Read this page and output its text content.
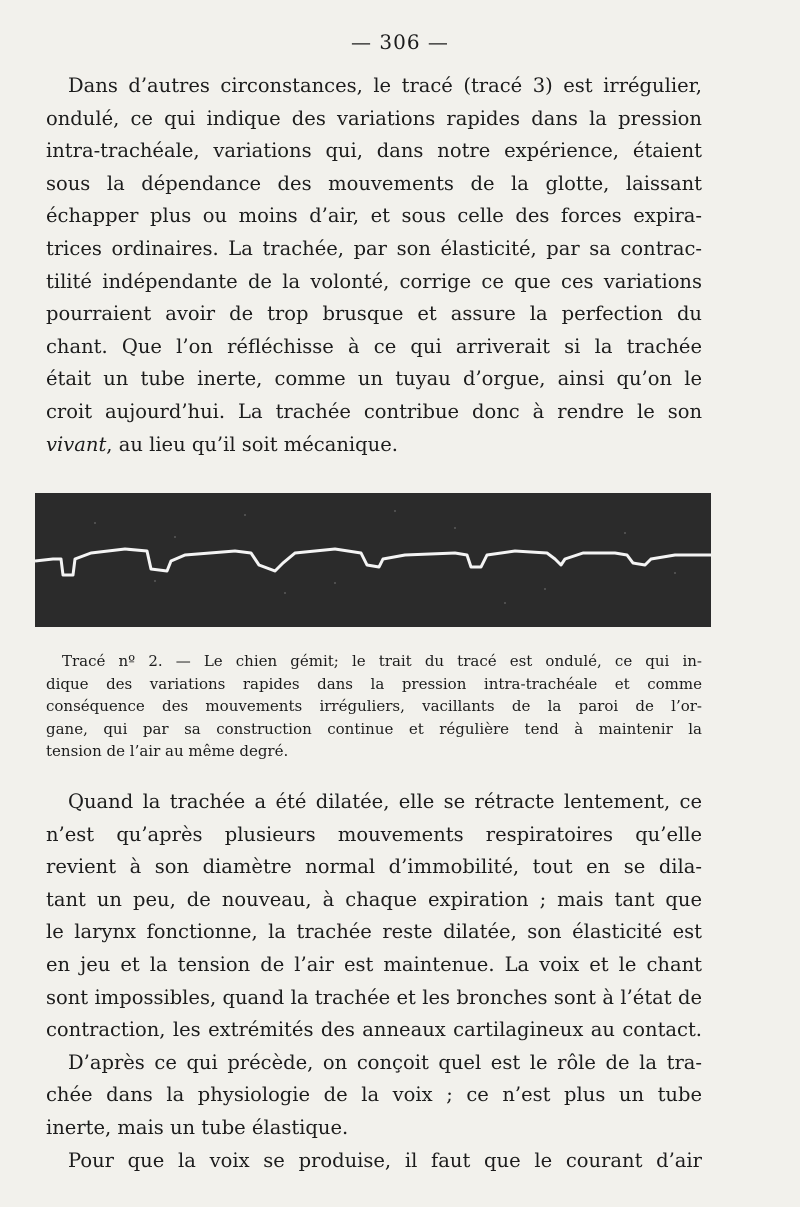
— 306 —
Dans d’autres circonstances, le tracé (tracé 3) est irrégulier,
ondulé, ce qui indique des variations rapides dans la pression
intra-trachéale, variations qui, dans notre expérience, étaient
sous la dépendance des mouvements de la glotte, laissant
échapper plus ou moins d’air, et sous celle des forces expira-
trices ordinaires. La trachée, par son élasticité, par sa contrac-
tilité indépendante de la volonté, corrige ce que ces variations
pourraient avoir de trop brusque et assure la perfection du
chant. Que l’on réfléchisse à ce qui arriverait si la trachée
était un tube inerte, comme un tuyau d’orgue, ainsi qu’on le
croit aujourd’hui. La trachée contribue donc à rendre le son
vivant, au lieu qu’il soit mécanique.
Tracé nº 2. — Le chien gémit; le trait du tracé est ondulé, ce qui in-
dique des variations rapides dans la pression intra-trachéale et comme
conséquence des mouvements irréguliers, vacillants de la paroi de l’or-
gane, qui par sa construction continue et régulière tend à maintenir la
tension de l’air au même degré.
Quand la trachée a été dilatée, elle se rétracte lentement, ce
n’est qu’après plusieurs mouvements respiratoires qu’elle
revient à son diamètre normal d’immobilité, tout en se dila-
tant un peu, de nouveau, à chaque expiration ; mais tant que
le larynx fonctionne, la trachée reste dilatée, son élasticité est
en jeu et la tension de l’air est maintenue. La voix et le chant
sont impossibles, quand la trachée et les bronches sont à l’état de
contraction, les extrémités des anneaux cartilagineux au contact.
D’après ce qui précède, on conçoit quel est le rôle de la tra-
chée dans la physiologie de la voix ; ce n’est plus un tube
inerte, mais un tube élastique.
Pour que la voix se produise, il faut que le courant d’air
